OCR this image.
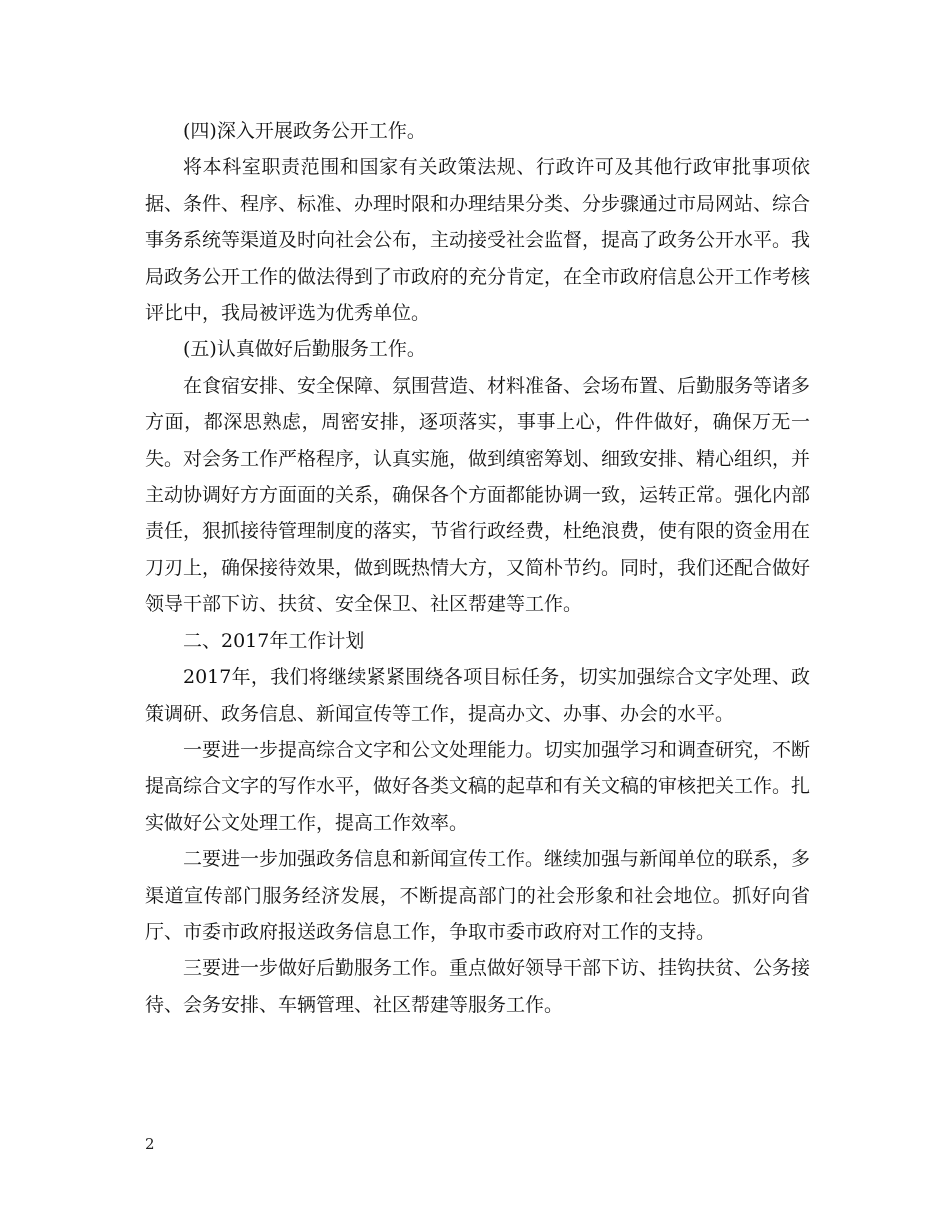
(四)深入开展政务公开工作。

将本科室职责范围和国家有关政策法规、行政许可及其他行政审批事项依据、条件、程序、标准、办理时限和办理结果分类、分步骤通过市局网站、综合事务系统等渠道及时向社会公布，主动接受社会监督，提高了政务公开水平。我局政务公开工作的做法得到了市政府的充分肯定，在全市政府信息公开工作考核评比中，我局被评选为优秀单位。

(五)认真做好后勤服务工作。

在食宿安排、安全保障、氛围营造、材料准备、会场布置、后勤服务等诸多方面，都深思熟虑，周密安排，逐项落实，事事上心，件件做好，确保万无一失。对会务工作严格程序，认真实施，做到缜密筹划、细致安排、精心组织，并主动协调好方方面面的关系，确保各个方面都能协调一致，运转正常。强化内部责任，狠抓接待管理制度的落实，节省行政经费，杜绝浪费，使有限的资金用在刀刃上，确保接待效果，做到既热情大方，又简朴节约。同时，我们还配合做好领导干部下访、扶贫、安全保卫、社区帮建等工作。

二、2017年工作计划

2017年，我们将继续紧紧围绕各项目标任务，切实加强综合文字处理、政策调研、政务信息、新闻宣传等工作，提高办文、办事、办会的水平。

一要进一步提高综合文字和公文处理能力。切实加强学习和调查研究，不断提高综合文字的写作水平，做好各类文稿的起草和有关文稿的审核把关工作。扎实做好公文处理工作，提高工作效率。

二要进一步加强政务信息和新闻宣传工作。继续加强与新闻单位的联系，多渠道宣传部门服务经济发展，不断提高部门的社会形象和社会地位。抓好向省厅、市委市政府报送政务信息工作，争取市委市政府对工作的支持。

三要进一步做好后勤服务工作。重点做好领导干部下访、挂钩扶贫、公务接待、会务安排、车辆管理、社区帮建等服务工作。

2
